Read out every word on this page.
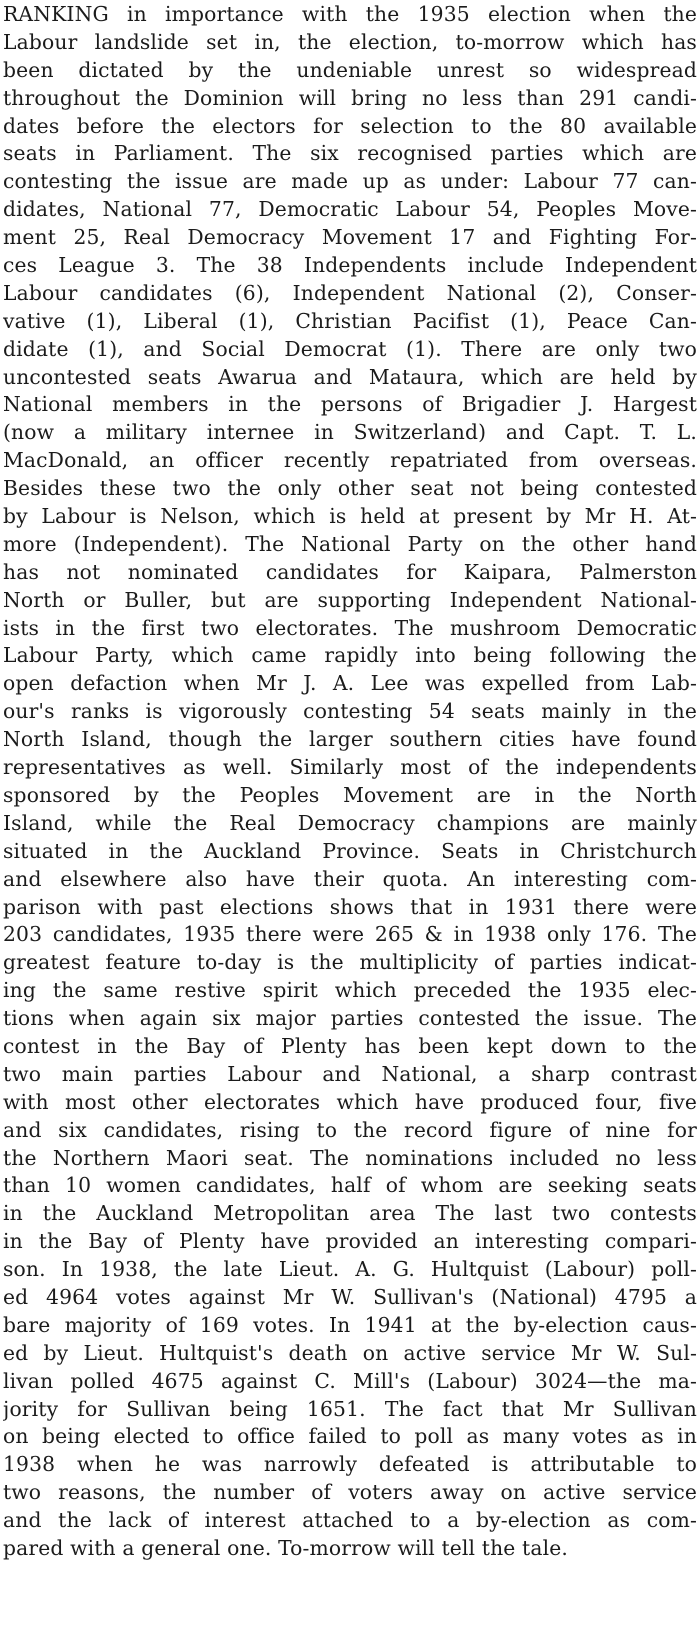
RANKING in importance with the 1935 election when the
Labour landslide set in, the election, to-morrow which has
been dictated by the undeniable unrest so widespread
throughout the Dominion will bring no less than 291 candi-
dates before the electors for selection to the 80 available
seats in Parliament. The six recognised parties which are
contesting the issue are made up as under: Labour 77 can-
didates, National 77, Democratic Labour 54, Peoples Move-
ment 25, Real Democracy Movement 17 and Fighting For-
ces League 3. The 38 Independents include Independent
Labour candidates (6), Independent National (2), Conser-
vative (1), Liberal (1), Christian Pacifist (1), Peace Can-
didate (1), and Social Democrat (1). There are only two
uncontested seats Awarua and Mataura, which are held by
National members in the persons of Brigadier J. Hargest
(now a military internee in Switzerland) and Capt. T. L.
MacDonald, an officer recently repatriated from overseas.
Besides these two the only other seat not being contested
by Labour is Nelson, which is held at present by Mr H. At-
more (Independent). The National Party on the other hand
has not nominated candidates for Kaipara, Palmerston
North or Buller, but are supporting Independent National-
ists in the first two electorates. The mushroom Democratic
Labour Party, which came rapidly into being following the
open defaction when Mr J. A. Lee was expelled from Lab-
our's ranks is vigorously contesting 54 seats mainly in the
North Island, though the larger southern cities have found
representatives as well. Similarly most of the independents
sponsored by the Peoples Movement are in the North
Island, while the Real Democracy champions are mainly
situated in the Auckland Province. Seats in Christchurch
and elsewhere also have their quota. An interesting com-
parison with past elections shows that in 1931 there were
203 candidates, 1935 there were 265 & in 1938 only 176. The
greatest feature to-day is the multiplicity of parties indicat-
ing the same restive spirit which preceded the 1935 elec-
tions when again six major parties contested the issue. The
contest in the Bay of Plenty has been kept down to the
two main parties Labour and National, a sharp contrast
with most other electorates which have produced four, five
and six candidates, rising to the record figure of nine for
the Northern Maori seat. The nominations included no less
than 10 women candidates, half of whom are seeking seats
in the Auckland Metropolitan area The last two contests
in the Bay of Plenty have provided an interesting compari-
son. In 1938, the late Lieut. A. G. Hultquist (Labour) poll-
ed 4964 votes against Mr W. Sullivan's (National) 4795 a
bare majority of 169 votes. In 1941 at the by-election caus-
ed by Lieut. Hultquist's death on active service Mr W. Sul-
livan polled 4675 against C. Mill's (Labour) 3024—the ma-
jority for Sullivan being 1651. The fact that Mr Sullivan
on being elected to office failed to poll as many votes as in
1938 when he was narrowly defeated is attributable to
two reasons, the number of voters away on active service
and the lack of interest attached to a by-election as com-
pared with a general one. To-morrow will tell the tale.
